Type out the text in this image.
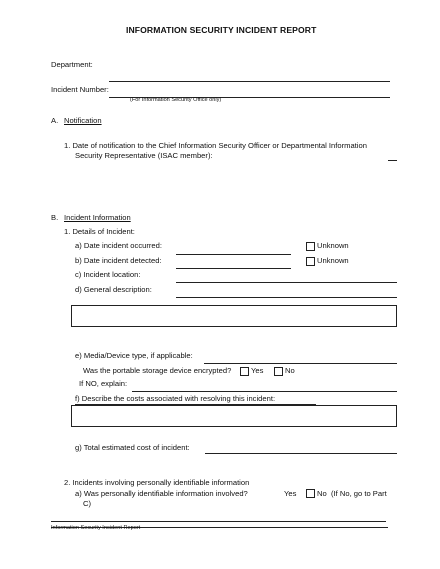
INFORMATION SECURITY INCIDENT REPORT
Department:
Incident Number:
(For Information Security Office only)
A. Notification
1. Date of notification to the Chief Information Security Officer or Departmental Information
Security Representative (ISAC member):
B. Incident Information
1. Details of Incident:
a) Date incident occurred:	Unknown
b) Date incident detected:	Unknown
c) Incident location:
d) General description:
e) Media/Device type, if applicable:
Was the portable storage device encrypted?	Yes	No
If NO, explain:
f) Describe the costs associated with resolving this incident:
g) Total estimated cost of incident:
2. Incidents involving personally identifiable information
a) Was personally identifiable information involved?	Yes	No (If No, go to Part
C)
Information Security Incident Report
